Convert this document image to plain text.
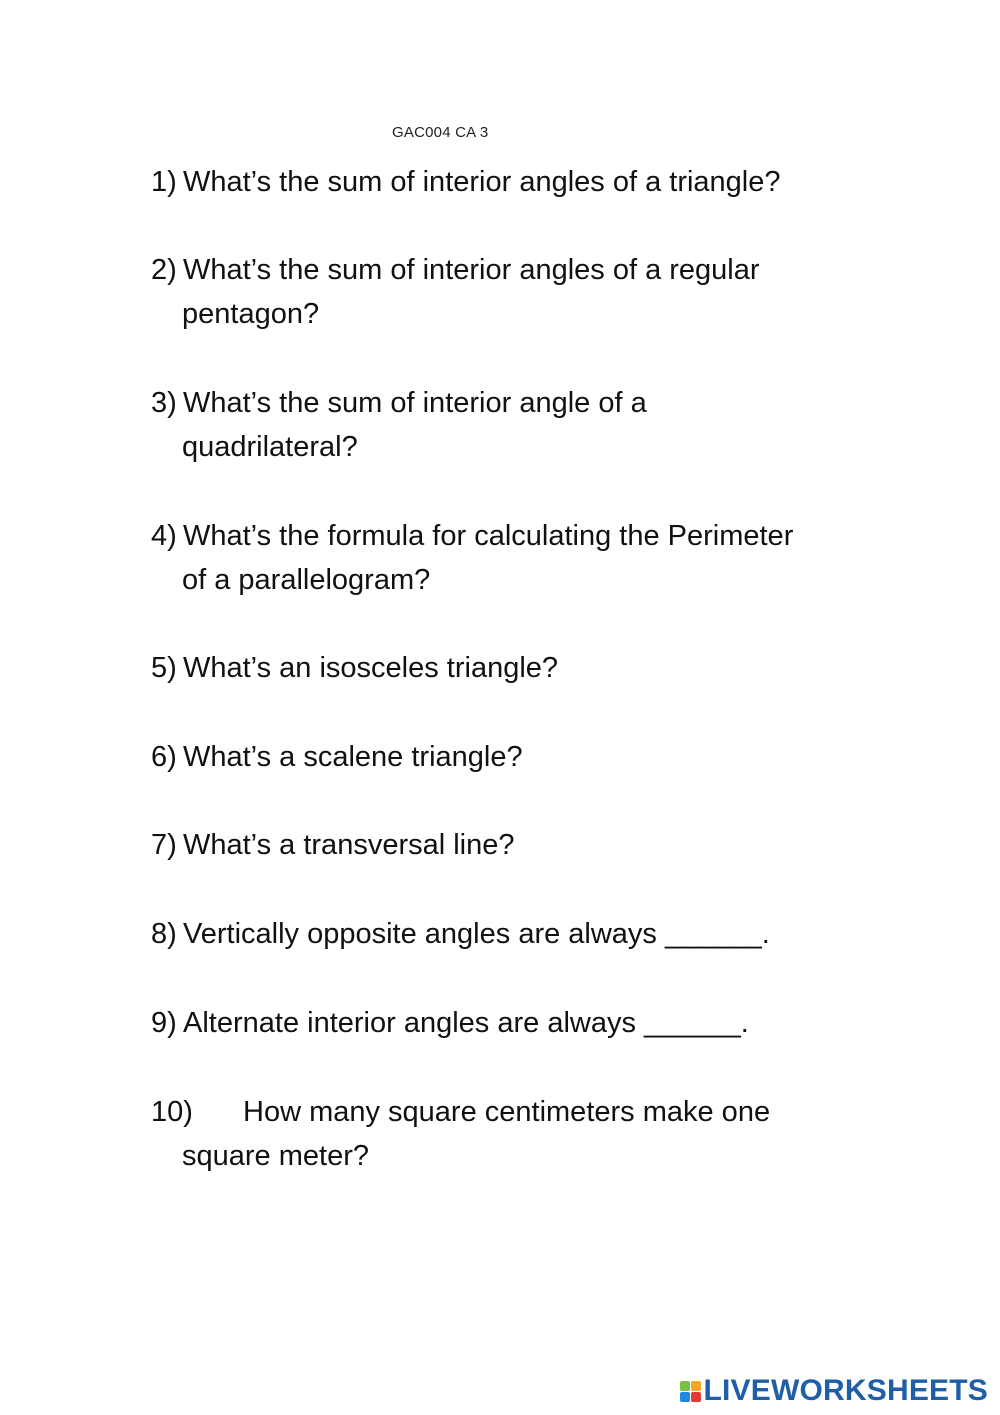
GAC004 CA 3
1) What’s the sum of interior angles of a triangle?
2) What’s the sum of interior angles of a regular
pentagon?
3) What’s the sum of interior angle of a
quadrilateral?
4) What’s the formula for calculating the Perimeter
of a parallelogram?
5) What’s an isosceles triangle?
6) What’s a scalene triangle?
7) What’s a transversal line?
8) Vertically opposite angles are always ______.
9) Alternate interior angles are always ______.
10) How many square centimeters make one
square meter?
LIVEWORKSHEETS
